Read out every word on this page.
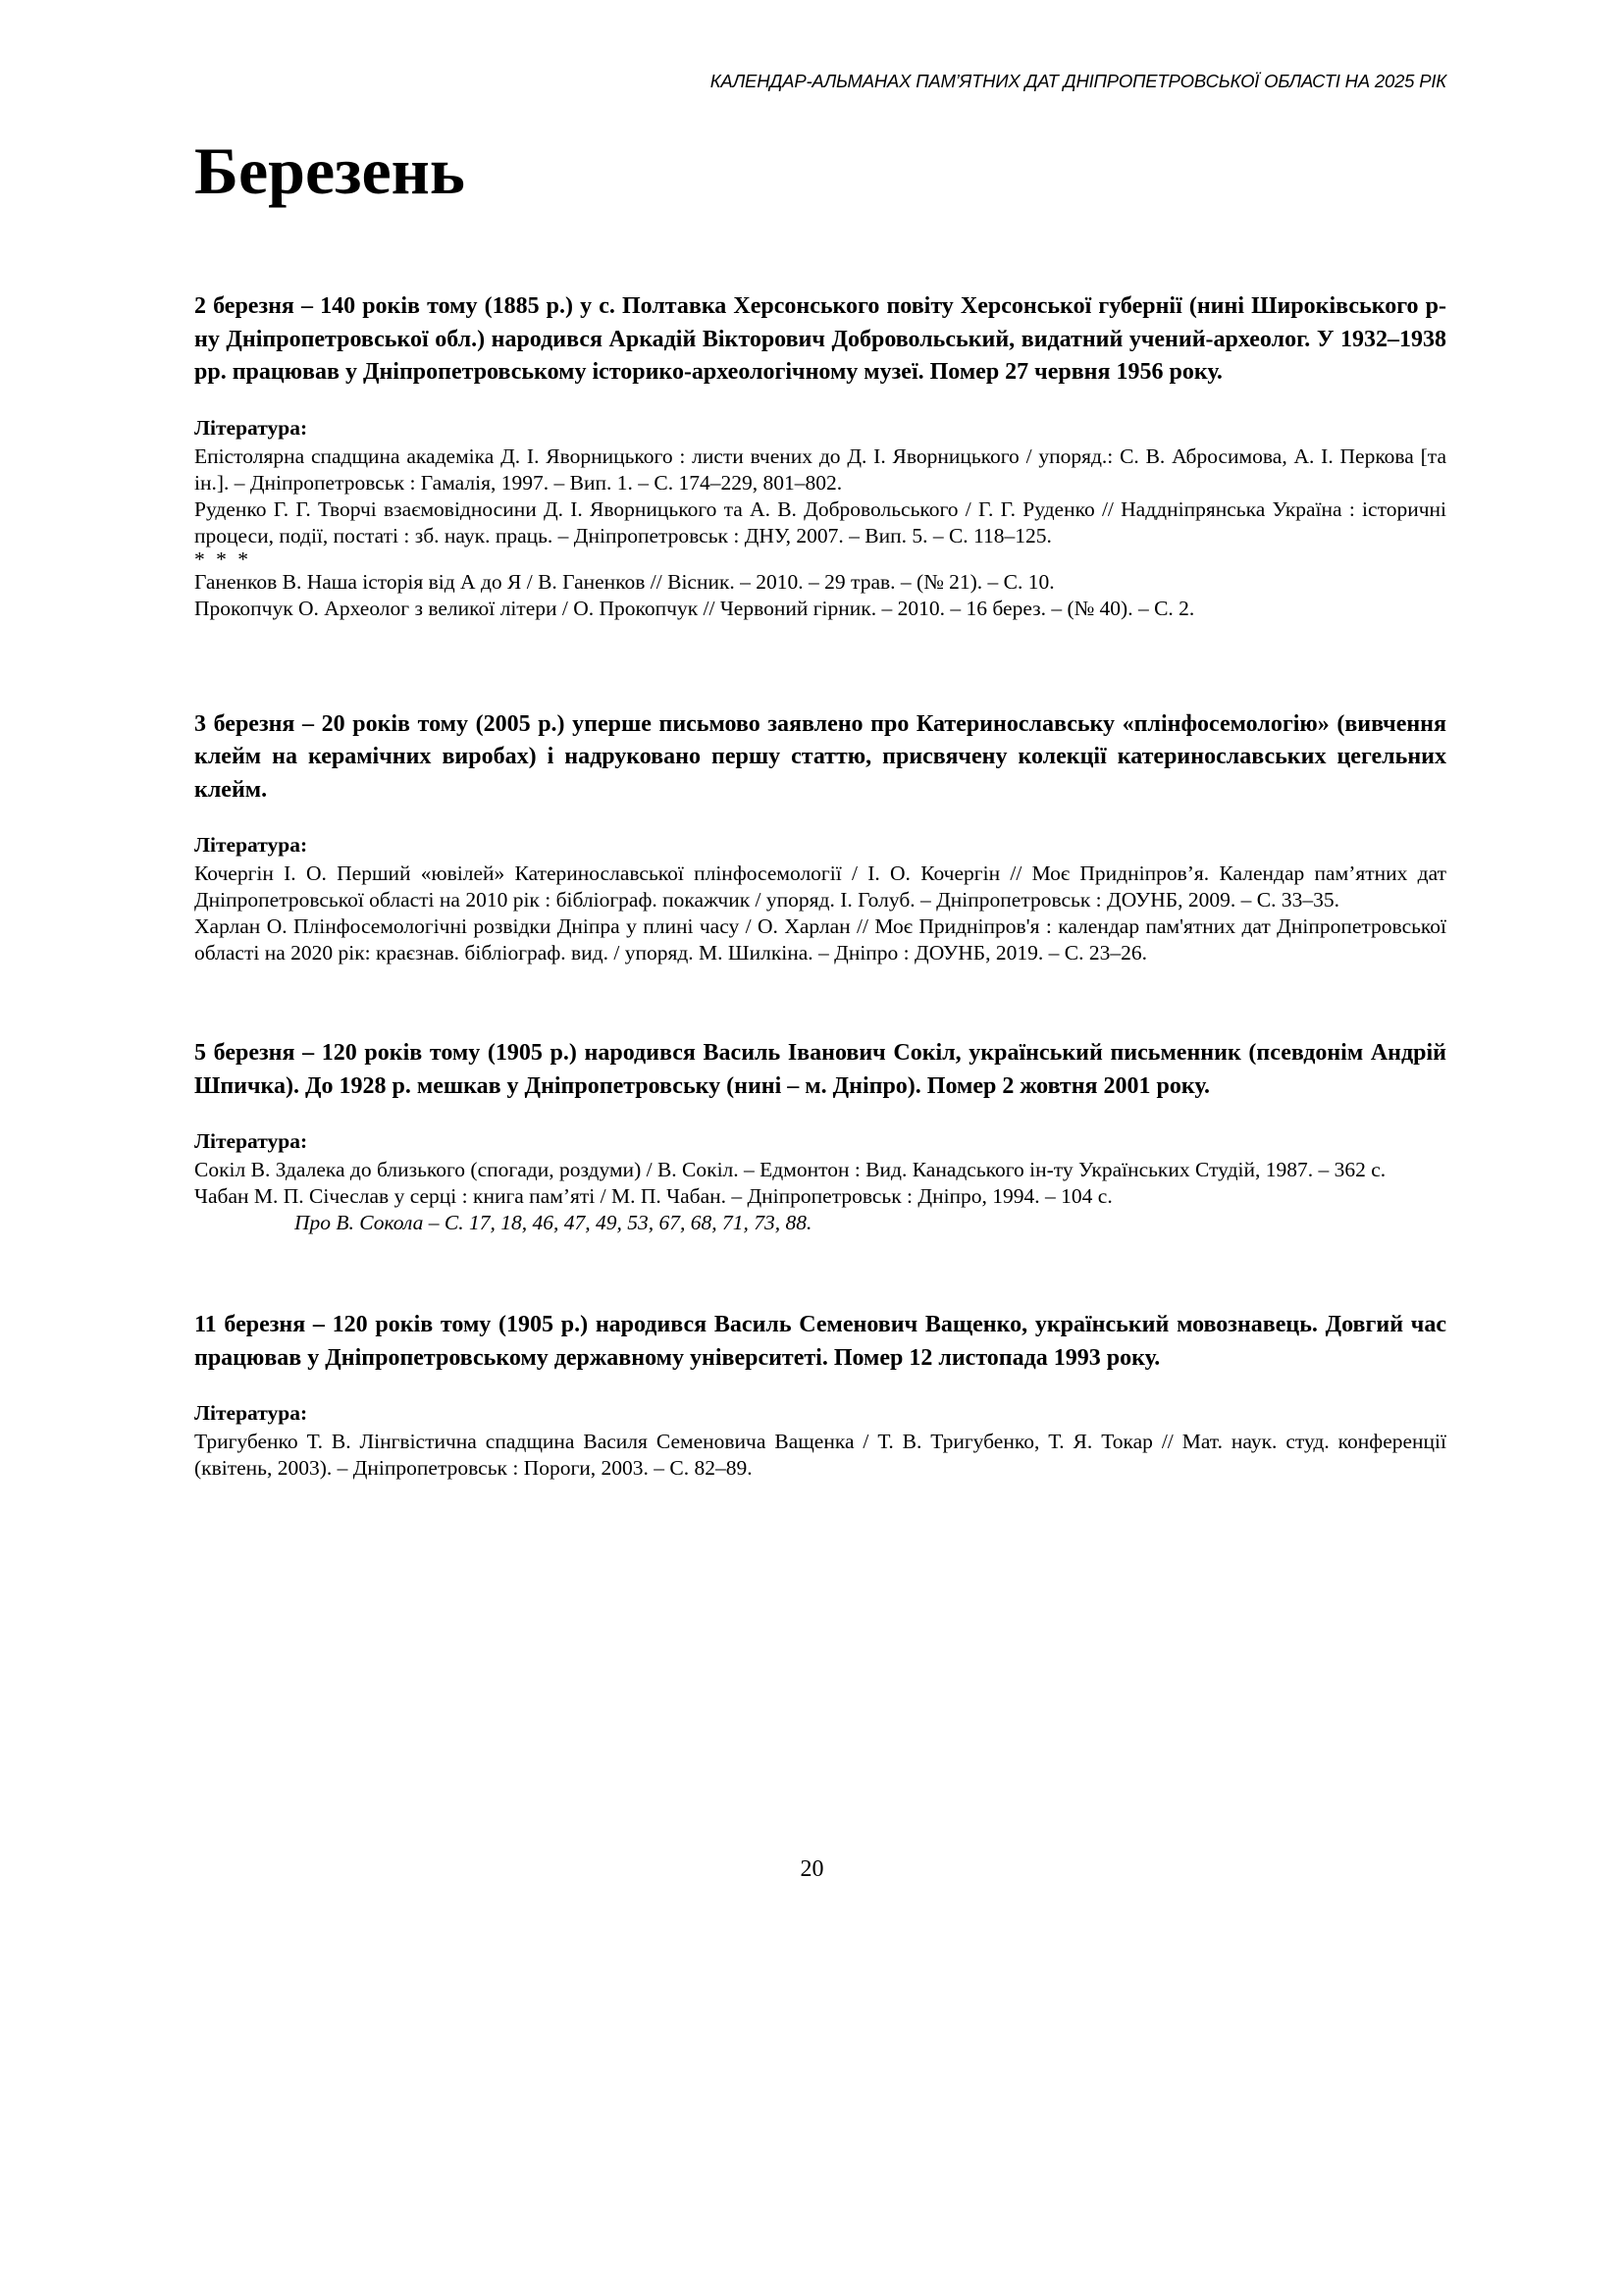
КАЛЕНДАР-АЛЬМАНАХ ПАМ’ЯТНИХ ДАТ ДНІПРОПЕТРОВСЬКОЇ ОБЛАСТІ НА 2025 РІК
Березень

2 березня – 140 років тому (1885 р.) у с. Полтавка Херсонського повіту Херсонської губернії (нині Широківського р-ну Дніпропетровської обл.) народився Аркадій Вікторович Добровольський, видатний учений-археолог. У 1932–1938 рр. працював у Дніпропетровському історико-археологічному музеї. Помер 27 червня 1956 року.

Література:

Епістолярна спадщина академіка Д. І. Яворницького : листи вчених до Д. І. Яворницького / упоряд.: С. В. Абросимова, А. І. Перкова [та ін.]. – Дніпропетровськ : Гамалія, 1997. – Вип. 1. – С. 174–229, 801–802.

Руденко Г. Г. Творчі взаємовідносини Д. І. Яворницького та А. В. Добровольського / Г. Г. Руденко // Наддніпрянська Україна : історичні процеси, події, постаті : зб. наук. праць. – Дніпропетровськ : ДНУ, 2007. – Вип. 5. – С. 118–125.

* * *

Ганенков В. Наша історія від А до Я / В. Ганенков // Вісник. – 2010. – 29 трав. – (№ 21). – С. 10.

Прокопчук О. Археолог з великої літери / О. Прокопчук // Червоний гірник. – 2010. – 16 берез. – (№ 40). – С. 2.

3 березня – 20 років тому (2005 р.) уперше письмово заявлено про Катеринославську «плінфосемологію» (вивчення клейм на керамічних виробах) і надруковано першу статтю, присвячену колекції катеринославських цегельних клейм.

Література:

Кочергін І. О. Перший «ювілей» Катеринославської плінфосемології / І. О. Кочергін // Моє Придніпров’я. Календар пам’ятних дат Дніпропетровської області на 2010 рік : бібліограф. покажчик / упоряд. І. Голуб. – Дніпропетровськ : ДОУНБ, 2009. – С. 33–35.

Харлан О. Плінфосемологічні розвідки Дніпра у плині часу / О. Харлан // Моє Придніпров'я : календар пам'ятних дат Дніпропетровської області на 2020 рік: краєзнав. бібліограф. вид. / упоряд. М. Шилкіна. – Дніпро : ДОУНБ, 2019. – С. 23–26.

5 березня – 120 років тому (1905 р.) народився Василь Іванович Сокіл, український письменник (псевдонім Андрій Шпичка). До 1928 р. мешкав у Дніпропетровську (нині – м. Дніпро). Помер 2 жовтня 2001 року.

Література:

Сокіл В. Здалека до близького (спогади, роздуми) / В. Сокіл. – Едмонтон : Вид. Канадського ін-ту Українських Студій, 1987. – 362 с.

Чабан М. П. Січеслав у серці : книга пам’яті / М. П. Чабан. – Дніпропетровськ : Дніпро, 1994. – 104 с.

Про В. Сокола – С. 17, 18, 46, 47, 49, 53, 67, 68, 71, 73, 88.

11 березня – 120 років тому (1905 р.) народився Василь Семенович Ващенко, український мовознавець. Довгий час працював у Дніпропетровському державному університеті. Помер 12 листопада 1993 року.

Література:

Тригубенко Т. В. Лінгвістична спадщина Василя Семеновича Ващенка / Т. В. Тригубенко, Т. Я. Токар // Мат. наук. студ. конференції (квітень, 2003). – Дніпропетровськ : Пороги, 2003. – С. 82–89.

20
